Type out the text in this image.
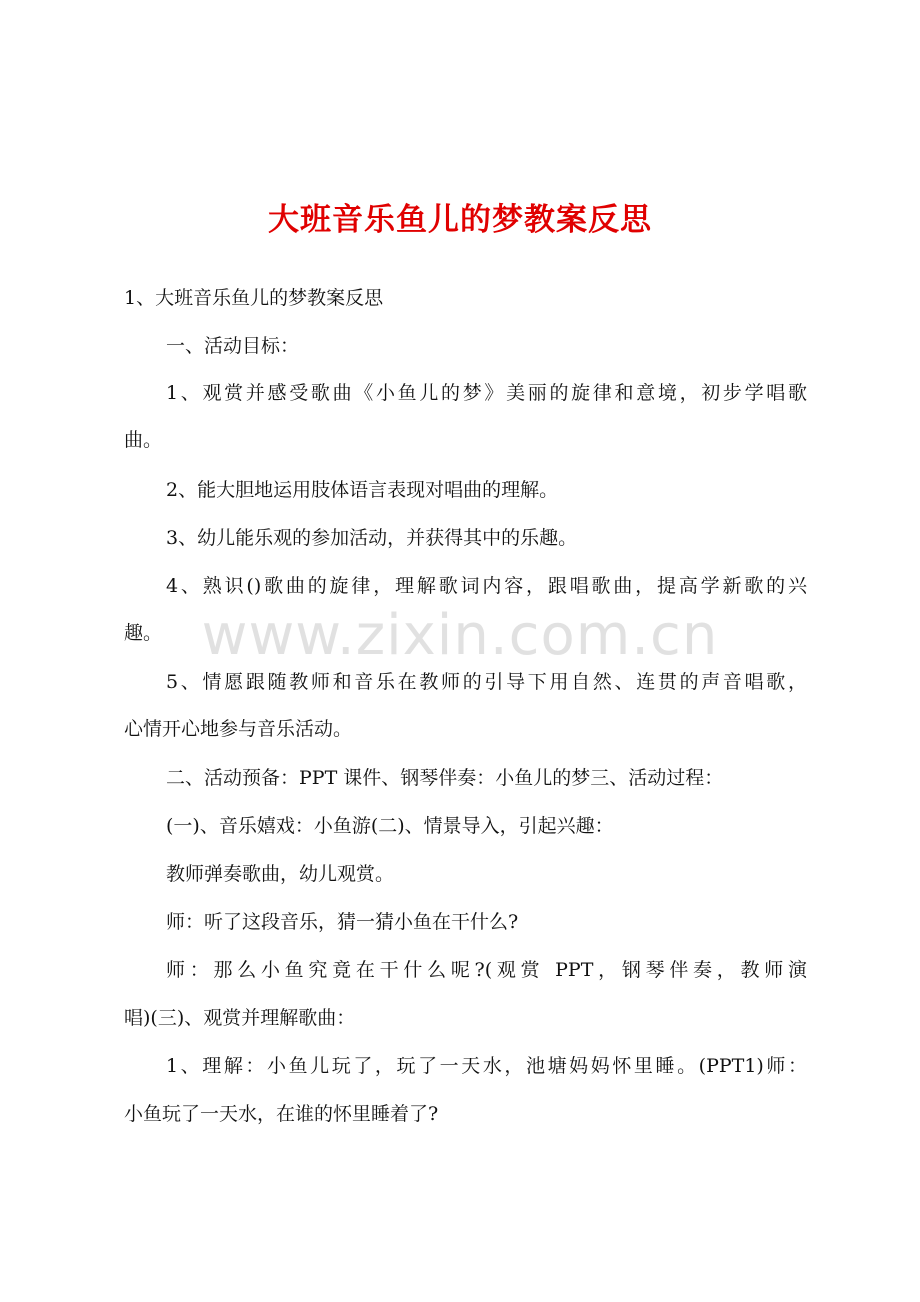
www.zixin.com.cn
大班音乐鱼儿的梦教案反思
1、大班音乐鱼儿的梦教案反思
一、活动目标：
1、观赏并感受歌曲《小鱼儿的梦》美丽的旋律和意境，初步学唱歌
曲。
2、能大胆地运用肢体语言表现对唱曲的理解。
3、幼儿能乐观的参加活动，并获得其中的乐趣。
4、熟识()歌曲的旋律，理解歌词内容，跟唱歌曲，提高学新歌的兴
趣。
5、情愿跟随教师和音乐在教师的引导下用自然、连贯的声音唱歌，
心情开心地参与音乐活动。
二、活动预备：PPT 课件、钢琴伴奏：小鱼儿的梦三、活动过程：
(一)、音乐嬉戏：小鱼游(二)、情景导入，引起兴趣：
教师弹奏歌曲，幼儿观赏。
师：听了这段音乐，猜一猜小鱼在干什么?
师：那么小鱼究竟在干什么呢?(观赏 PPT，钢琴伴奏，教师演
唱)(三)、观赏并理解歌曲：
1、理解：小鱼儿玩了，玩了一天水，池塘妈妈怀里睡。(PPT1)师：
小鱼玩了一天水，在谁的怀里睡着了?
